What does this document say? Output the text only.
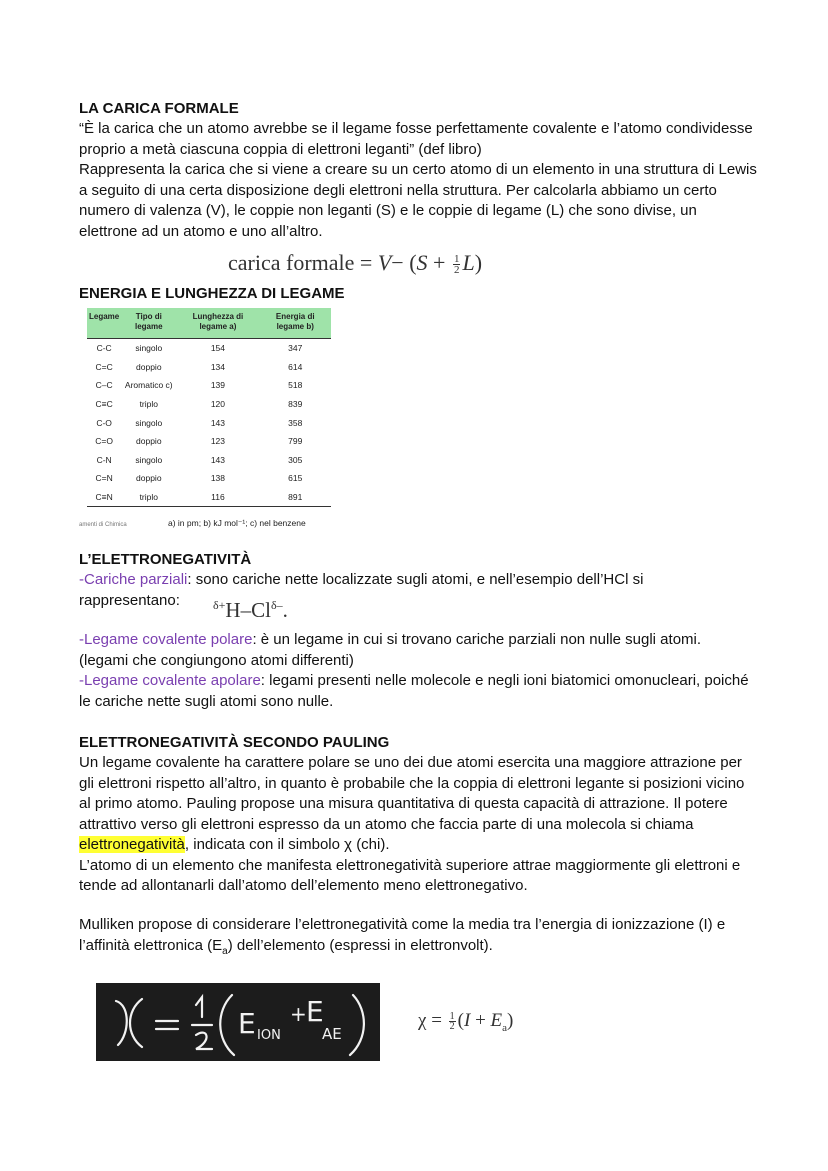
LA CARICA FORMALE

“È la carica che un atomo avrebbe se il legame fosse perfettamente covalente e l’atomo condividesse proprio a metà ciascuna coppia di elettroni leganti” (def libro)

Rappresenta la carica che si viene a creare su un certo atomo di un elemento in una struttura di Lewis a seguito di una certa disposizione degli elettroni nella struttura. Per calcolarla abbiamo un certo numero di valenza (V), le coppie non leganti (S) e le coppie di legame (L) che sono divise, un elettrone ad un atomo e uno all’altro.

carica formale = $V- (S + \frac{1}{2} L)$

ENERGIA E LUNGHEZZA DI LEGAME

Legame	Tipo di legame	Lunghezza di legame a)	Energia di legame b)
C-C	singolo	154	347
C=C	doppio	134	614
C–C	Aromatico c)	139	518
C≡C	triplo	120	839
C-O	singolo	143	358
C=O	doppio	123	799
C-N	singolo	143	305
C=N	doppio	138	615
C≡N	triplo	116	891
amenti di Chimica	a) in pm; b) kJ mol⁻¹; c) nel benzene

L’ELETTRONEGATIVITÀ

-Cariche parziali: sono cariche nette localizzate sugli atomi, e nell’esempio dell’HCl si rappresentano:

-Legame covalente polare: è un legame in cui si trovano cariche parziali non nulle sugli atomi.

(legami che congiungono atomi differenti)

-Legame covalente apolare: legami presenti nelle molecole e negli ioni biatomici omonucleari, poiché le cariche nette sugli atomi sono nulle.

$^{\delta+}H-Cl^{\delta-}$.

ELETTRONEGATIVITÀ SECONDO PAULING

Un legame covalente ha carattere polare se uno dei due atomi esercita una maggiore attrazione per gli elettroni rispetto all’altro, in quanto è probabile che la coppia di elettroni legante si posizioni vicino al primo atomo. Pauling propose una misura quantitativa di questa capacità di attrazione. Il potere attrattivo verso gli elettroni espresso da un atomo che faccia parte di una molecola si chiama elettronegatività, indicata con il simbolo χ (chi).

L’atomo di un elemento che manifesta elettronegatività superiore attrae maggiormente gli elettroni e tende ad allontanarli dall’atomo dell’elemento meno elettronegativo.

Mulliken propose di considerare l’elettronegatività come la media tra l’energia di ionizzazione (I) e l’affinità elettronica $(E_a)$ dell’elemento (espressi in elettronvolt).

E ION
+ E
AE
$\chi = \frac{1}{2} (I + E_a)$
